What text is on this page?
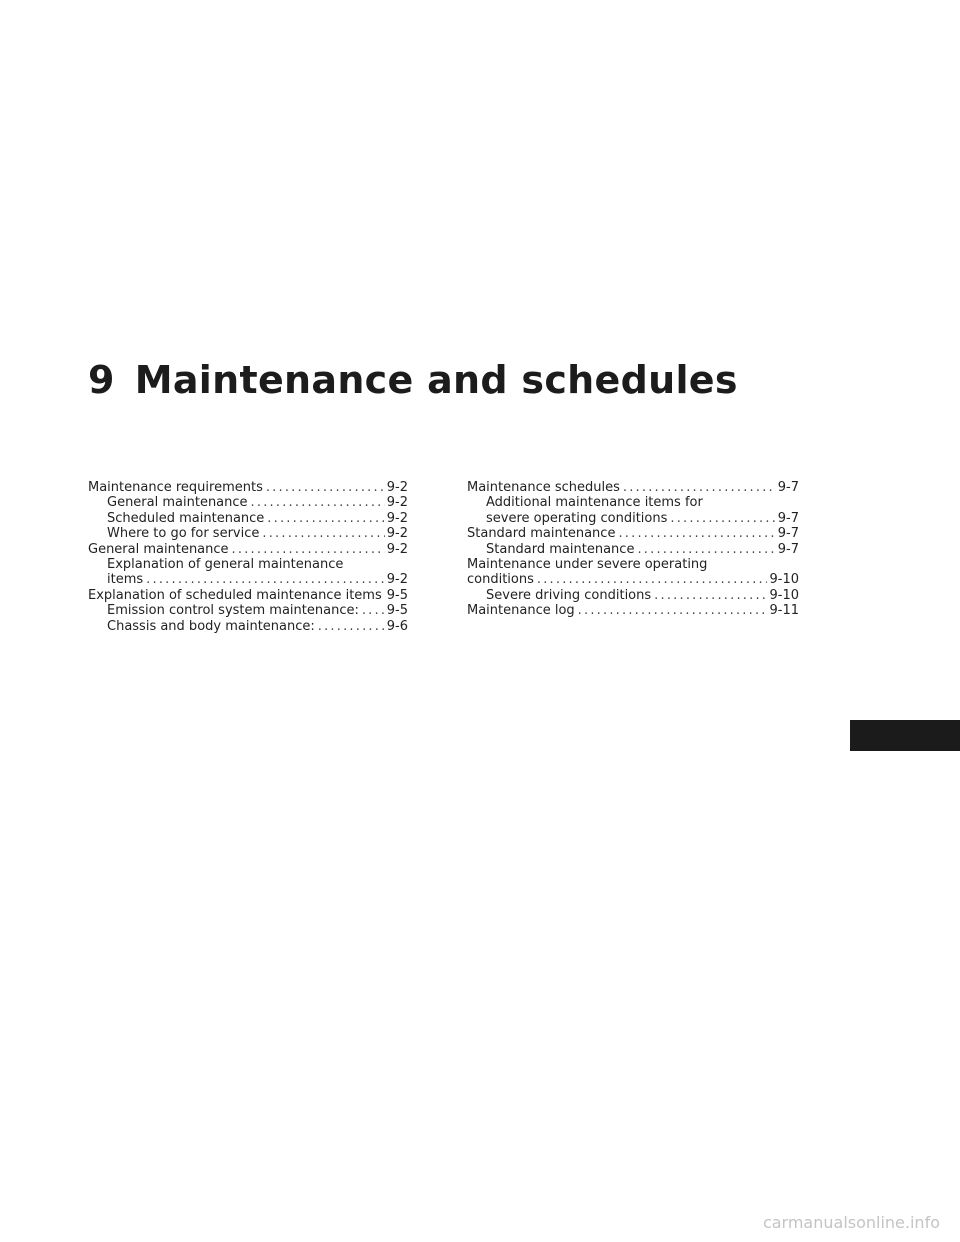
9 Maintenance and schedules
Maintenance requirements .....	9-2
General maintenance .....	9-2
Scheduled maintenance .....	9-2
Where to go for service .....	9-2
General maintenance .....	9-2
Explanation of general maintenance
items .....	9-2
Explanation of scheduled maintenance items ..... 9-5
Emission control system maintenance: ..... 9-5
Chassis and body maintenance: .....	9-6
Maintenance schedules .....	9-7
Additional maintenance items for
severe operating conditions .....	9-7
Standard maintenance .....	9-7
Standard maintenance .....	9-7
Maintenance under severe operating
conditions .....	9-10
Severe driving conditions .....	9-10
Maintenance log .....	9-11
carmanualsonline.info
